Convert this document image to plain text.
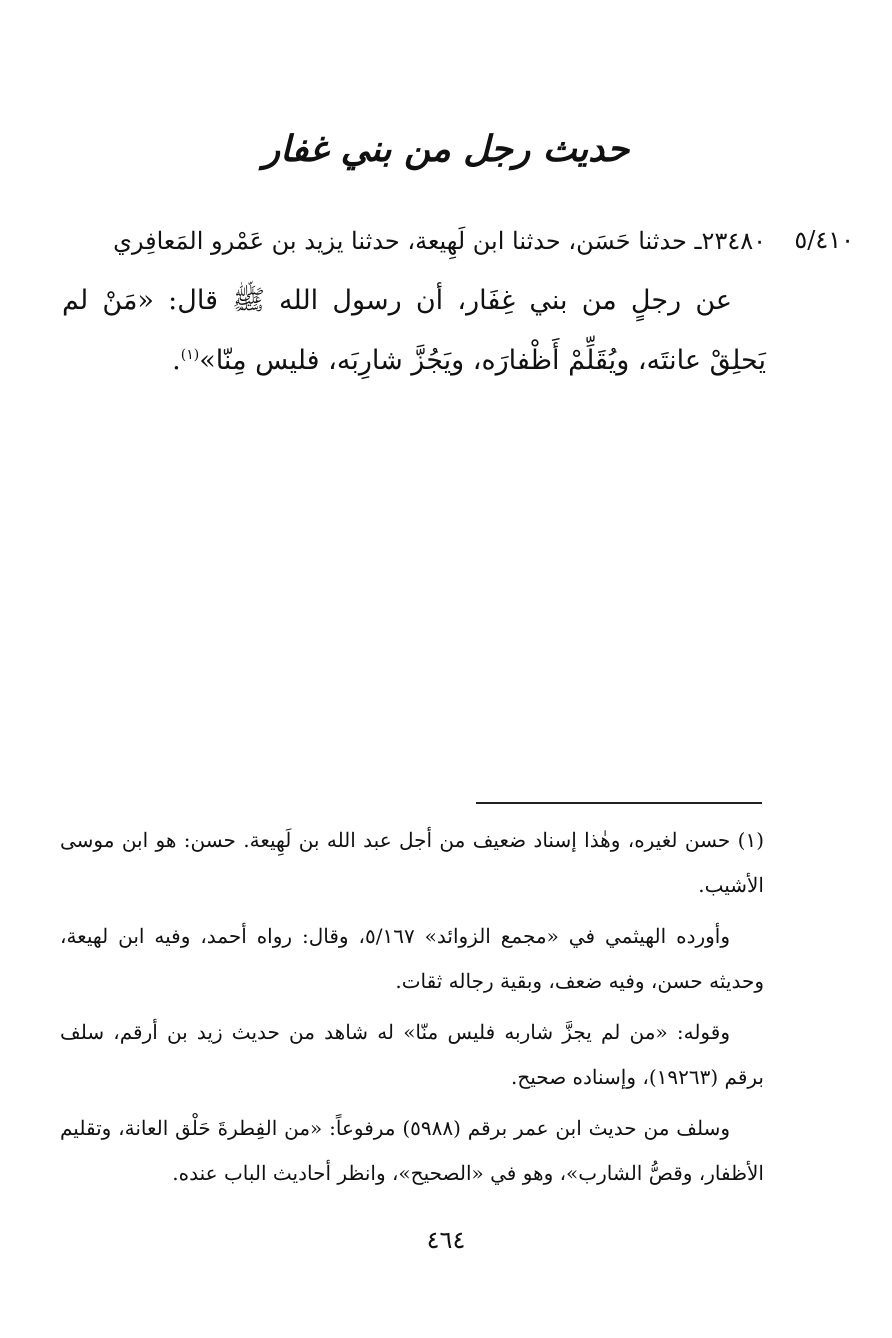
حديث رجل من بني غفار
٥/٤١٠

٢٣٤٨٠ـ حدثنا حَسَن، حدثنا ابن لَهِيعة، حدثنا يزيد بن عَمْرو المَعافِري

عن رجلٍ من بني غِفَار، أن رسول الله ﷺ قال: «مَنْ لم يَحلِقْ عانتَه، ويُقَلِّمْ أَظْفارَه، ويَجُزَّ شارِبَه، فليس مِنّا»$^{(١)}$.

(١) حسن لغيره، وهٰذا إسناد ضعيف من أجل عبد الله بن لَهِيعة. حسن: هو ابن موسى الأشيب.

وأورده الهيثمي في «مجمع الزوائد» ٥/١٦٧، وقال: رواه أحمد، وفيه ابن لهيعة، وحديثه حسن، وفيه ضعف، وبقية رجاله ثقات.

وقوله: «من لم يجزَّ شاربه فليس منّا» له شاهد من حديث زيد بن أرقم، سلف برقم (١٩٢٦٣)، وإسناده صحيح.

وسلف من حديث ابن عمر برقم (٥٩٨٨) مرفوعاً: «من الفِطرةَ حَلْق العانة، وتقليم الأظفار، وقصُّ الشارب»، وهو في «الصحيح»، وانظر أحاديث الباب عنده.

٤٦٤
